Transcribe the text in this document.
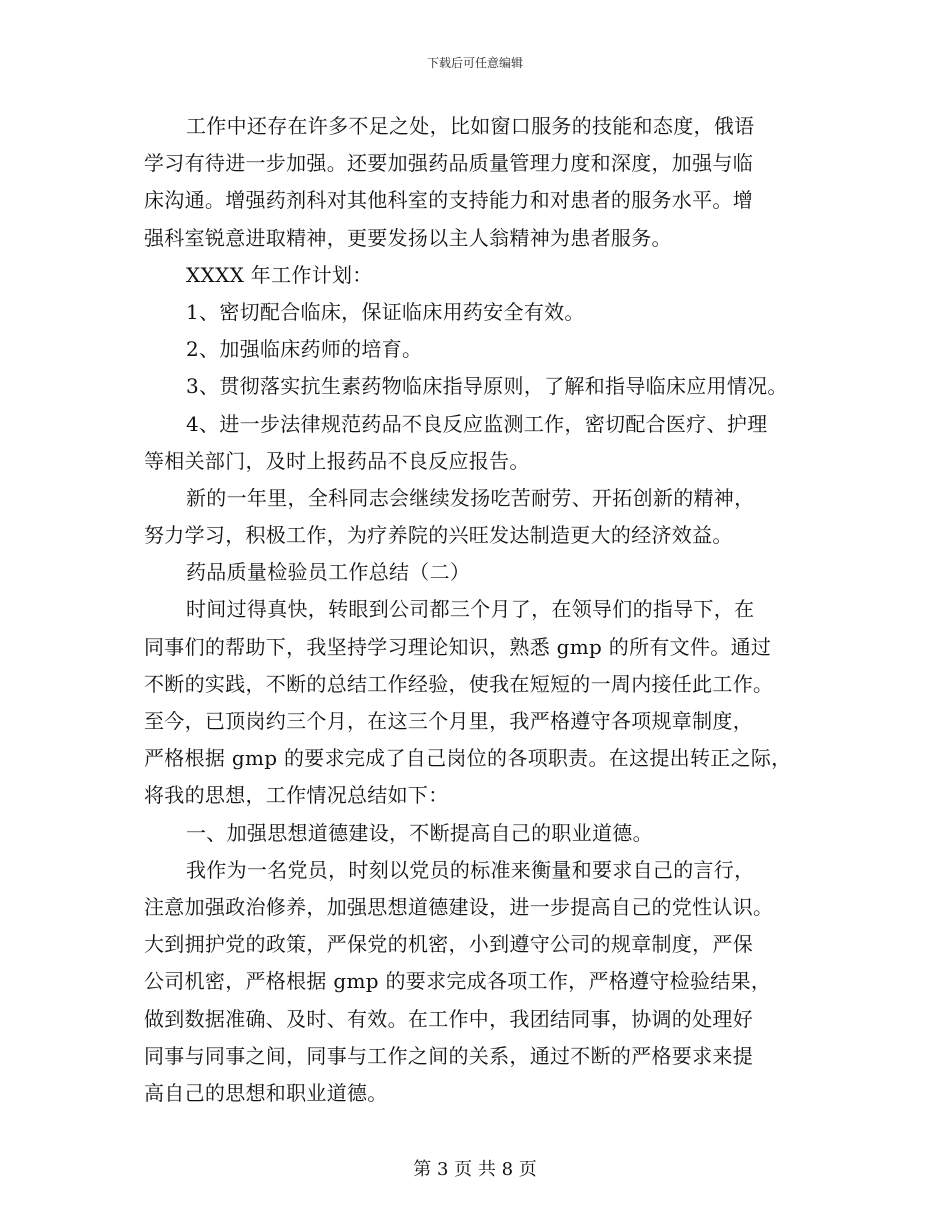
下载后可任意编辑
工作中还存在许多不足之处，比如窗口服务的技能和态度，俄语
学习有待进一步加强。还要加强药品质量管理力度和深度，加强与临
床沟通。增强药剂科对其他科室的支持能力和对患者的服务水平。增
强科室锐意进取精神，更要发扬以主人翁精神为患者服务。
XXXX 年工作计划：
1、密切配合临床，保证临床用药安全有效。
2、加强临床药师的培育。
3、贯彻落实抗生素药物临床指导原则，了解和指导临床应用情况。
4、进一步法律规范药品不良反应监测工作，密切配合医疗、护理
等相关部门，及时上报药品不良反应报告。
新的一年里，全科同志会继续发扬吃苦耐劳、开拓创新的精神，
努力学习，积极工作，为疗养院的兴旺发达制造更大的经济效益。
药品质量检验员工作总结（二）
时间过得真快，转眼到公司都三个月了，在领导们的指导下，在
同事们的帮助下，我坚持学习理论知识，熟悉 gmp 的所有文件。通过
不断的实践，不断的总结工作经验，使我在短短的一周内接任此工作。
至今，已顶岗约三个月，在这三个月里，我严格遵守各项规章制度，
严格根据 gmp 的要求完成了自己岗位的各项职责。在这提出转正之际，
将我的思想，工作情况总结如下：
一、加强思想道德建设，不断提高自己的职业道德。
我作为一名党员，时刻以党员的标准来衡量和要求自己的言行，
注意加强政治修养，加强思想道德建设，进一步提高自己的党性认识。
大到拥护党的政策，严保党的机密，小到遵守公司的规章制度，严保
公司机密，严格根据 gmp 的要求完成各项工作，严格遵守检验结果，
做到数据准确、及时、有效。在工作中，我团结同事，协调的处理好
同事与同事之间，同事与工作之间的关系，通过不断的严格要求来提
高自己的思想和职业道德。
第 3 页 共 8 页
